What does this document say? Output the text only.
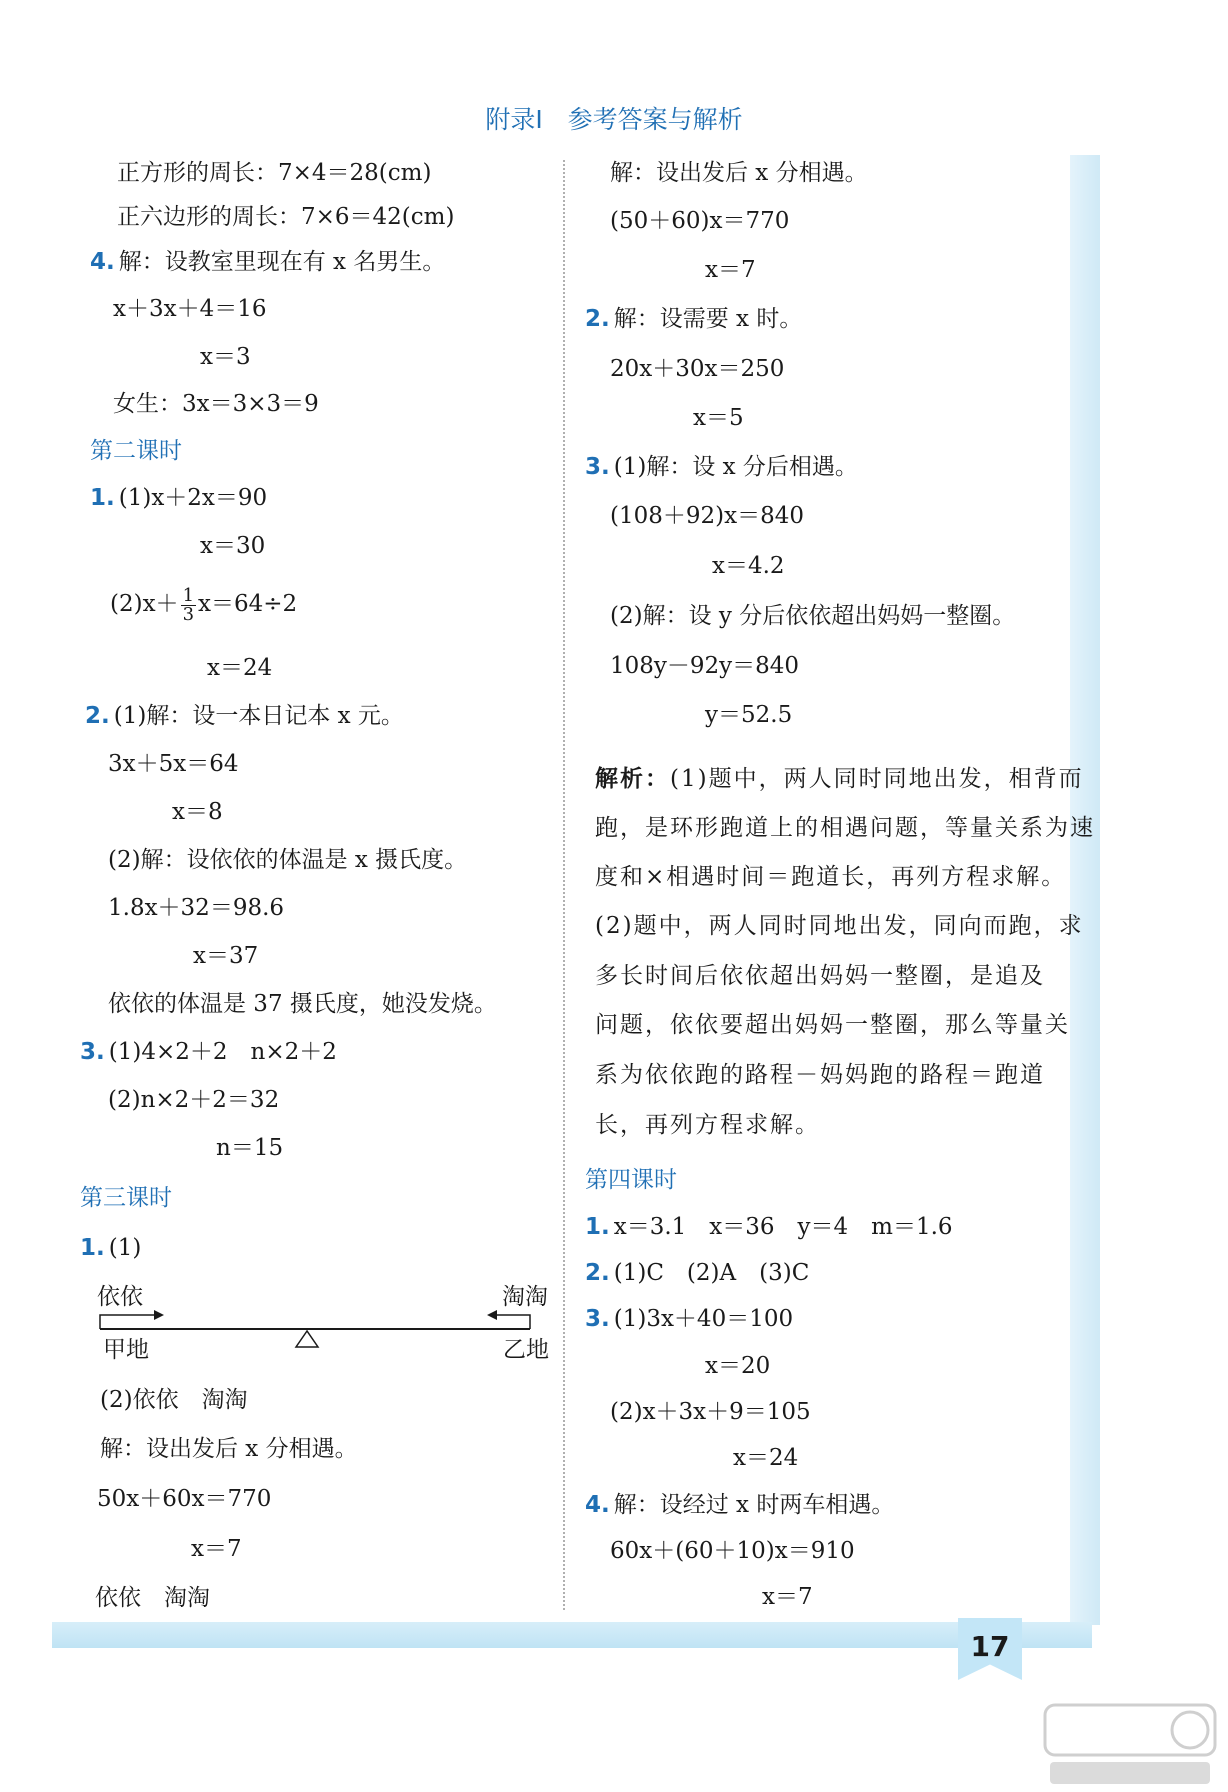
17
附录Ⅰ　参考答案与解析
正方形的周长：7×4＝28(cm)
正六边形的周长：7×6＝42(cm)
4. 解：设教室里现在有 x 名男生。
x＋3x＋4＝16
x＝3
女生：3x＝3×3＝9
第二课时
1. (1)x＋2x＝90
x＝30
$(2)x+ \frac{1}{3} x=64\div 2$
x＝24
2. (1)解：设一本日记本 x 元。
3x＋5x＝64
x＝8
(2)解：设依依的体温是 x 摄氏度。
1.8x＋32＝98.6
x＝37
依依的体温是 37 摄氏度，她没发烧。
3. (1)4×2＋2　n×2＋2
(2)n×2＋2＝32
n＝15
第三课时
1. (1)
依依	淘淘
甲地	乙地
(2)依依　淘淘
解：设出发后 x 分相遇。
50x＋60x＝770
x＝7
依依　淘淘
解：设出发后 x 分相遇。
(50＋60)x＝770
x＝7
2. 解：设需要 x 时。
20x＋30x＝250
x＝5
3. (1)解：设 x 分后相遇。
(108＋92)x＝840
x＝4.2
(2)解：设 y 分后依依超出妈妈一整圈。
108y－92y＝840
y＝52.5
解析：(1)题中，两人同时同地出发，相背而
跑，是环形跑道上的相遇问题，等量关系为速
度和×相遇时间＝跑道长，再列方程求解。
(2)题中，两人同时同地出发，同向而跑，求
多长时间后依依超出妈妈一整圈，是追及
问题，依依要超出妈妈一整圈，那么等量关
系为依依跑的路程－妈妈跑的路程＝跑道
长，再列方程求解。
第四课时
1. x＝3.1　x＝36　y＝4　m＝1.6
2. (1)C　(2)A　(3)C
3. (1)3x＋40＝100
x＝20
(2)x＋3x＋9＝105
x＝24
4. 解：设经过 x 时两车相遇。
60x＋(60＋10)x＝910
x＝7
